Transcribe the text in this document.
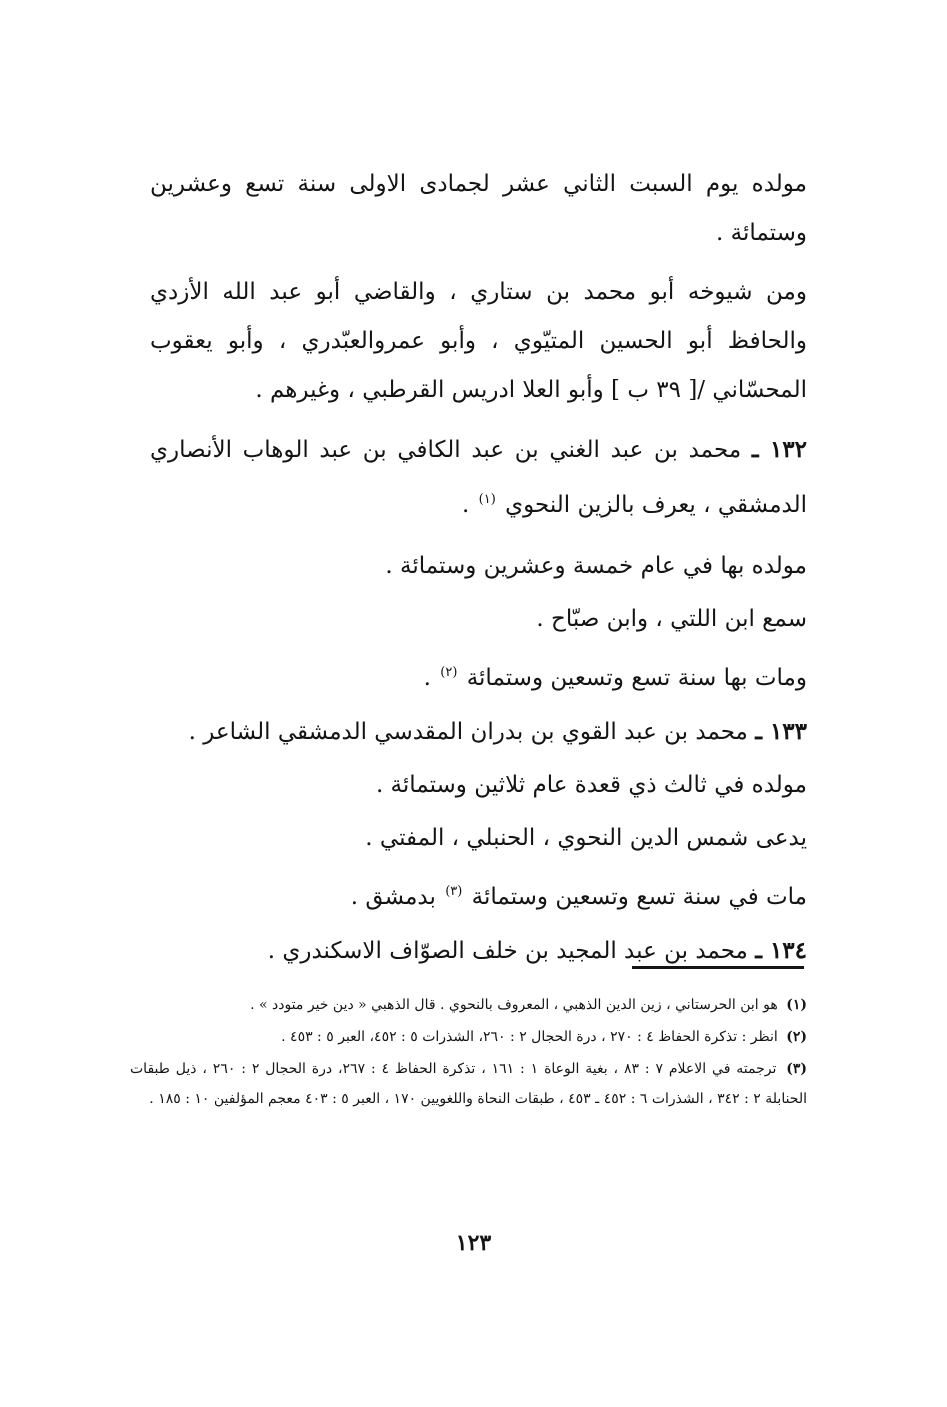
مولده يوم السبت الثاني عشر لجمادى الاولى سنة تسع وعشرين وستمائة .

ومن شيوخه أبو محمد بن ستاري ، والقاضي أبو عبد الله الأزدي والحافظ أبو الحسين المتيّوي ، وأبو عمروالعبّدري ، وأبو يعقوب المحسّاني /[ ٣٩ ب ] وأبو العلا ادريس القرطبي ، وغيرهم .

١٣٢ ـ محمد بن عبد الغني بن عبد الكافي بن عبد الوهاب الأنصاري الدمشقي ، يعرف بالزين النحوي $^{(١)}$ .

مولده بها في عام خمسة وعشرين وستمائة .

سمع ابن اللتي ، وابن صبّاح .

ومات بها سنة تسع وتسعين وستمائة $^{(٢)}$ .

١٣٣ ـ محمد بن عبد القوي بن بدران المقدسي الدمشقي الشاعر .

مولده في ثالث ذي قعدة عام ثلاثين وستمائة .

يدعى شمس الدين النحوي ، الحنبلي ، المفتي .

مات في سنة تسع وتسعين وستمائة $^{(٣)}$ بدمشق .

١٣٤ ـ محمد بن عبد المجيد بن خلف الصوّاف الاسكندري .

(١) هو ابن الحرستاني ، زين الدين الذهبي ، المعروف بالنحوي . قال الذهبي « دين خير متودد » .

(٢) انظر : تذكرة الحفاظ ٤ : ٢٧٠ ، درة الحجال ٢ : ٢٦٠، الشذرات ٥ : ٤٥٢، العبر ٥ : ٤٥٣ .

(٣) ترجمته في الاعلام ٧ : ٨٣ ، بغية الوعاة ١ : ١٦١ ، تذكرة الحفاظ ٤ : ٢٦٧، درة الحجال ٢ : ٢٦٠ ، ذيل طبقات الحنابلة ٢ : ٣٤٢ ، الشذرات ٦ : ٤٥٢ ـ ٤٥٣ ، طبقات النحاة واللغويين ١٧٠ ، العبر ٥ : ٤٠٣ معجم المؤلفين ١٠ : ١٨٥ .

١٢٣
